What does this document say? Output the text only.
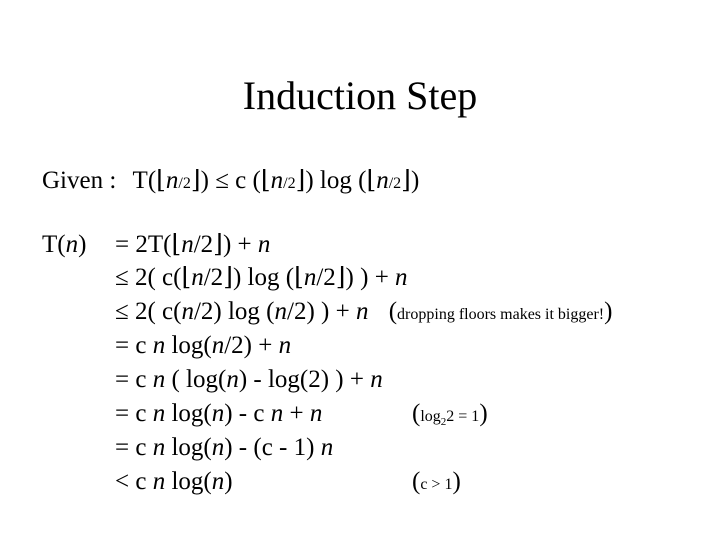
Induction Step
Given : T(⌊n/2⌋) ≤ c (⌊n/2⌋) log (⌊n/2⌋)
T(n) = 2T(⌊n/2⌋) + n
≤ 2( c(⌊n/2⌋) log (⌊n/2⌋) ) + n
≤ 2( c(n/2) log (n/2) ) + n (dropping floors makes it bigger!)
= c n log(n/2) + n
= c n ( log(n) - log(2) ) + n
= c n log(n) - c n + n	(log22 = 1)
= c n log(n) - (c - 1) n
< c n log(n)	(c > 1)
